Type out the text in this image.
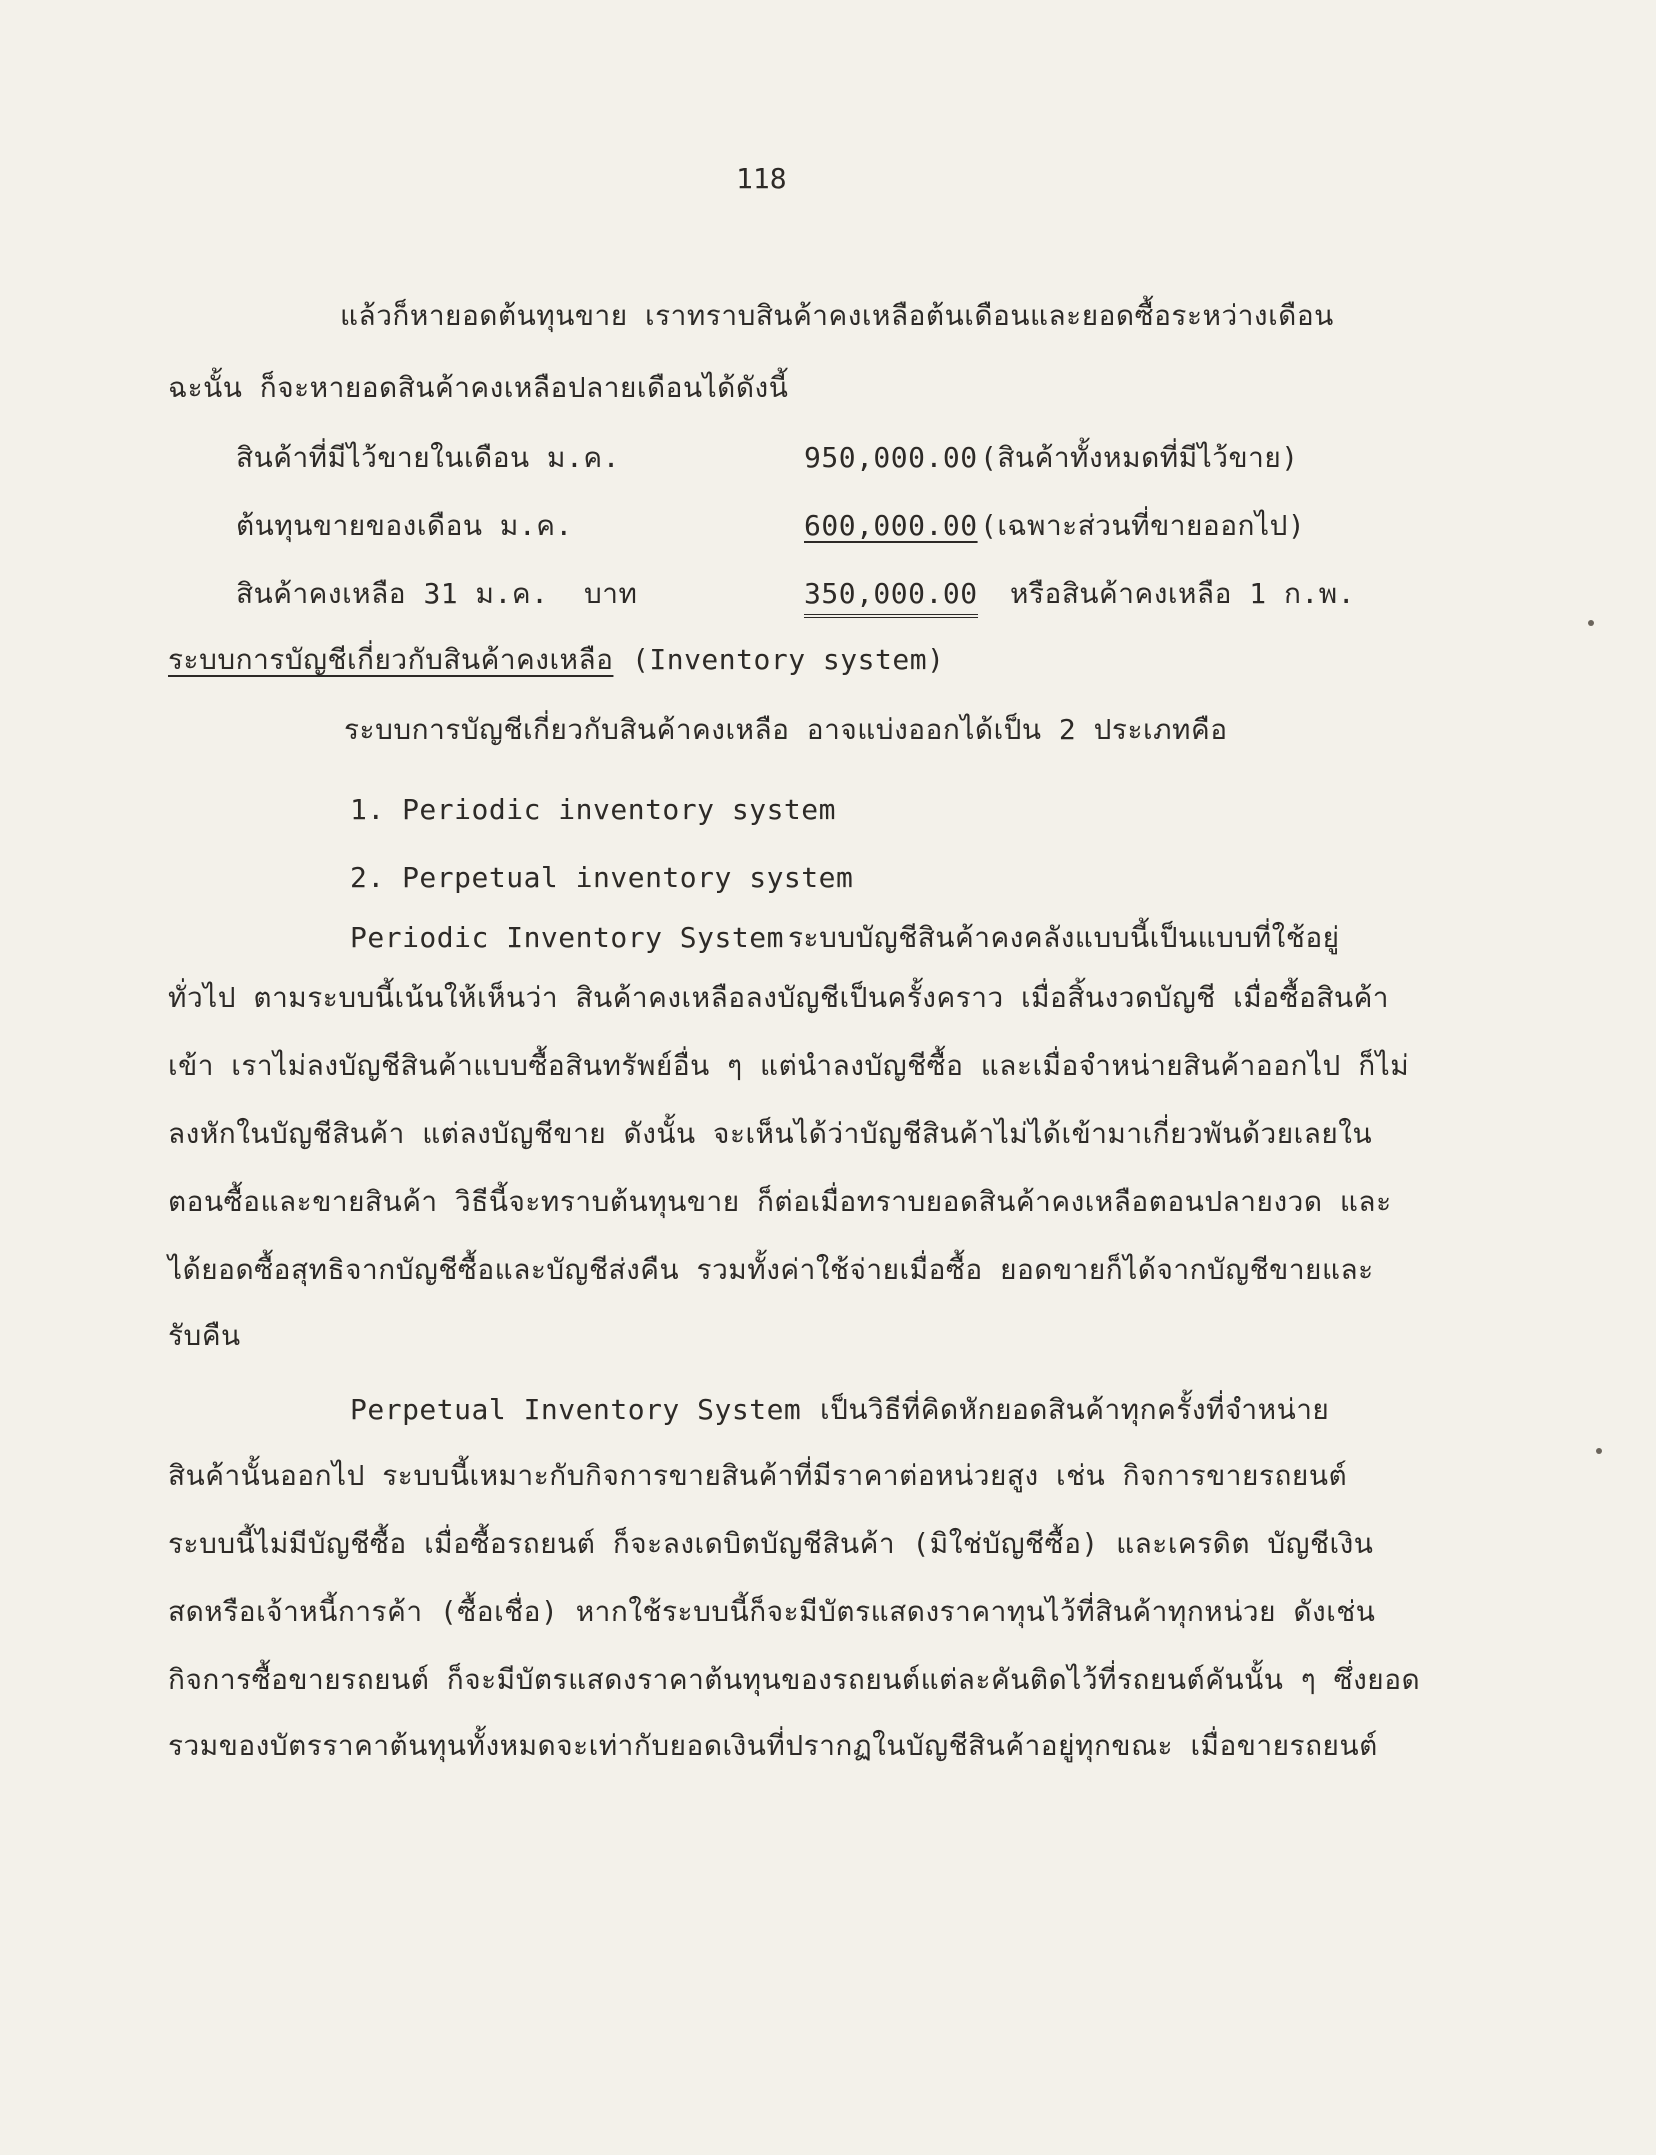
118
แล้วก็หายอดต้นทุนขาย เราทราบสินค้าคงเหลือต้นเดือนและยอดซื้อระหว่างเดือน
ฉะนั้น ก็จะหายอดสินค้าคงเหลือปลายเดือนได้ดังนี้
สินค้าที่มีไว้ขายในเดือน ม.ค.	950,000.00 (สินค้าทั้งหมดที่มีไว้ขาย)
ต้นทุนขายของเดือน ม.ค.	600,000.00 (เฉพาะส่วนที่ขายออกไป)
สินค้าคงเหลือ 31 ม.ค. บาท	350,000.00 หรือสินค้าคงเหลือ 1 ก.พ.
ระบบการบัญชีเกี่ยวกับสินค้าคงเหลือ (Inventory system)
ระบบการบัญชีเกี่ยวกับสินค้าคงเหลือ อาจแบ่งออกได้เป็น 2 ประเภทคือ
1. Periodic inventory system
2. Perpetual inventory system
Periodic Inventory System ระบบบัญชีสินค้าคงคลังแบบนี้เป็นแบบที่ใช้อยู่
ทั่วไป ตามระบบนี้เน้นให้เห็นว่า สินค้าคงเหลือลงบัญชีเป็นครั้งคราว เมื่อสิ้นงวดบัญชี เมื่อซื้อสินค้า
เข้า เราไม่ลงบัญชีสินค้าแบบซื้อสินทรัพย์อื่น ๆ แต่นำลงบัญชีซื้อ และเมื่อจำหน่ายสินค้าออกไป ก็ไม่
ลงหักในบัญชีสินค้า แต่ลงบัญชีขาย ดังนั้น จะเห็นได้ว่าบัญชีสินค้าไม่ได้เข้ามาเกี่ยวพันด้วยเลยใน
ตอนซื้อและขายสินค้า วิธีนี้จะทราบต้นทุนขาย ก็ต่อเมื่อทราบยอดสินค้าคงเหลือตอนปลายงวด และ
ได้ยอดซื้อสุทธิจากบัญชีซื้อและบัญชีส่งคืน รวมทั้งค่าใช้จ่ายเมื่อซื้อ ยอดขายก็ได้จากบัญชีขายและ
รับคืน
Perpetual Inventory System เป็นวิธีที่คิดหักยอดสินค้าทุกครั้งที่จำหน่าย
สินค้านั้นออกไป ระบบนี้เหมาะกับกิจการขายสินค้าที่มีราคาต่อหน่วยสูง เช่น กิจการขายรถยนต์
ระบบนี้ไม่มีบัญชีซื้อ เมื่อซื้อรถยนต์ ก็จะลงเดบิตบัญชีสินค้า (มิใช่บัญชีซื้อ) และเครดิต บัญชีเงิน
สดหรือเจ้าหนี้การค้า (ซื้อเชื่อ) หากใช้ระบบนี้ก็จะมีบัตรแสดงราคาทุนไว้ที่สินค้าทุกหน่วย ดังเช่น
กิจการซื้อขายรถยนต์ ก็จะมีบัตรแสดงราคาต้นทุนของรถยนต์แต่ละคันติดไว้ที่รถยนต์คันนั้น ๆ ซึ่งยอด
รวมของบัตรราคาต้นทุนทั้งหมดจะเท่ากับยอดเงินที่ปรากฏในบัญชีสินค้าอยู่ทุกขณะ เมื่อขายรถยนต์
